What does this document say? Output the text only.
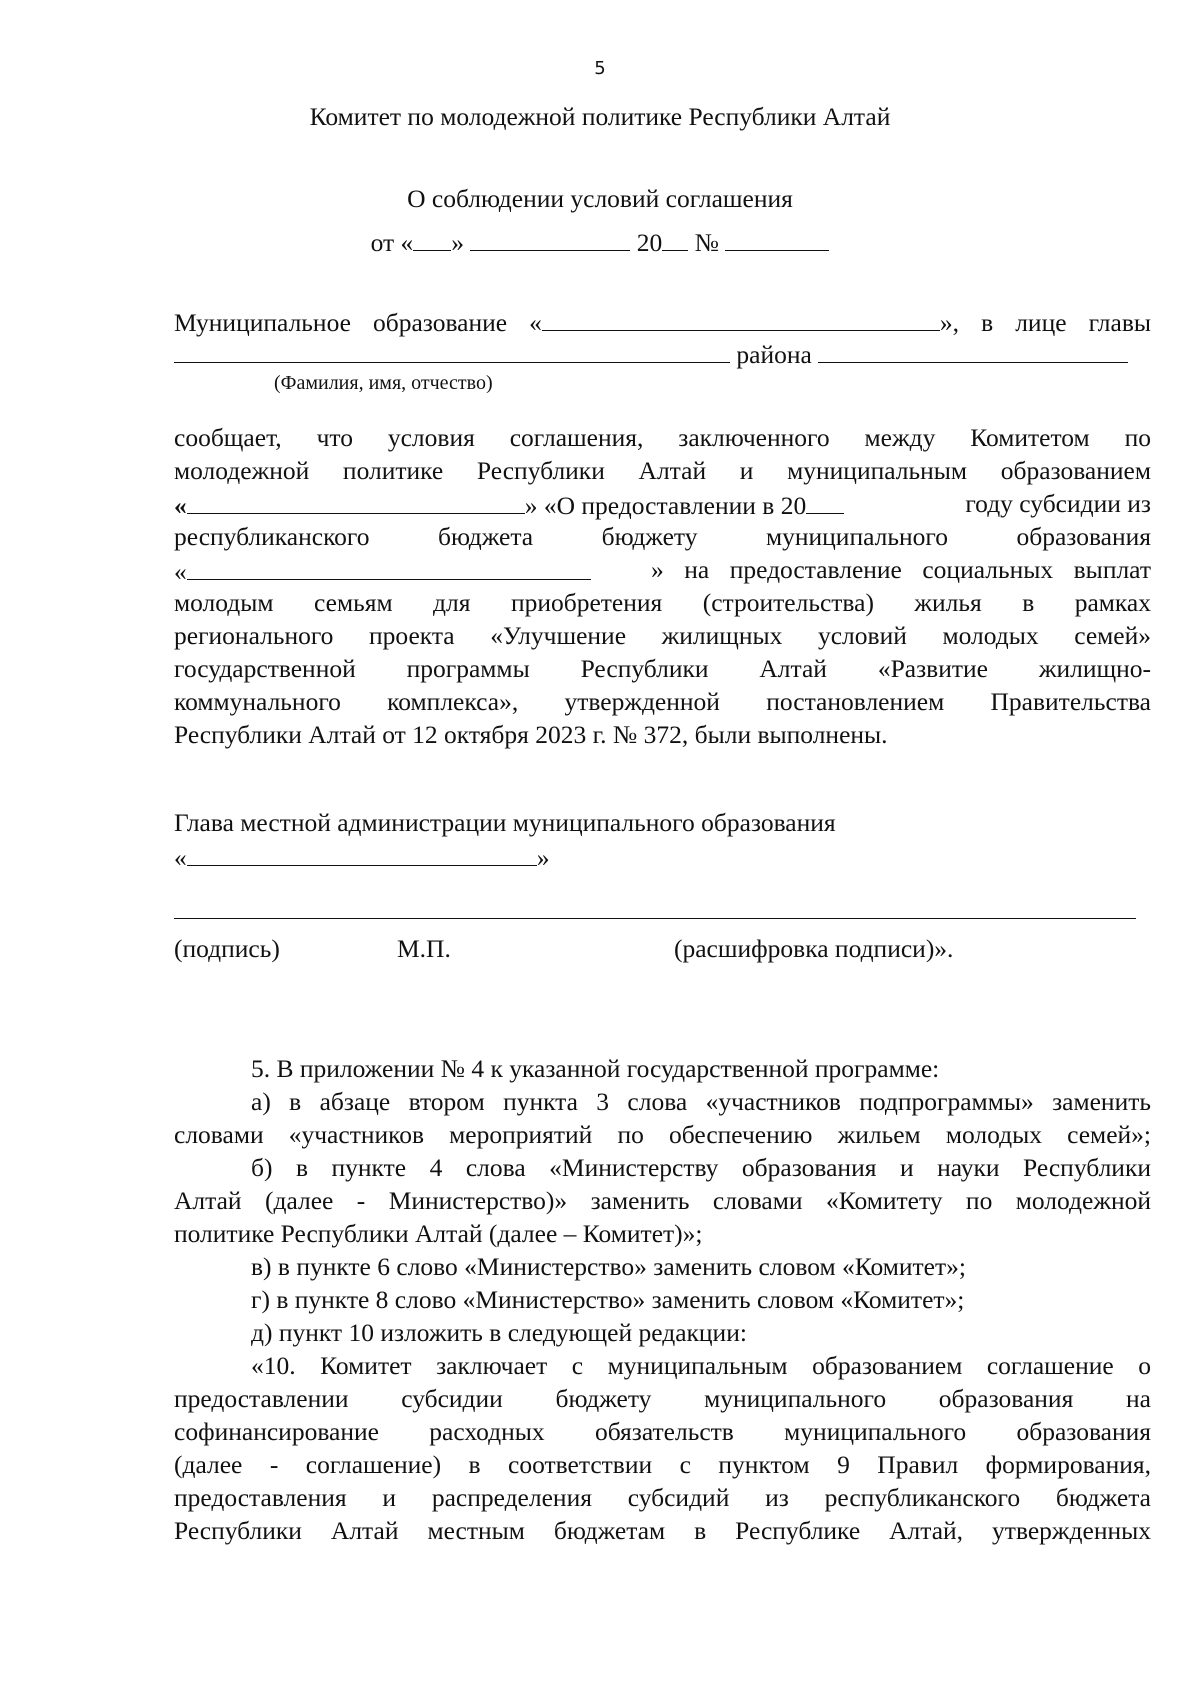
5
Комитет по молодежной политике Республики Алтай
О соблюдении условий соглашения
от « »	20 №
Муниципальное образование «	», в лице главы
района
(Фамилия, имя, отчество)
сообщает, что условия соглашения, заключенного между Комитетом по
молодежной политике Республики Алтай и муниципальным образованием
«	» «О предоставлении в 20	году субсидии из
республиканского бюджета бюджету муниципального образования
«	» на предоставление социальных выплат
молодым семьям для приобретения (строительства) жилья в рамках
регионального проекта «Улучшение жилищных условий молодых семей»
государственной программы Республики Алтай «Развитие жилищно-
коммунального комплекса», утвержденной постановлением Правительства
Республики Алтай от 12 октября 2023 г. № 372, были выполнены.
Глава местной администрации муниципального образования
«	»
(подпись)	М.П.	(расшифровка подписи)».
5. В приложении № 4 к указанной государственной программе:
а) в абзаце втором пункта 3 слова «участников подпрограммы» заменить
словами «участников мероприятий по обеспечению жильем молодых семей»;
б) в пункте 4 слова «Министерству образования и науки Республики
Алтай (далее - Министерство)» заменить словами «Комитету по молодежной
политике Республики Алтай (далее – Комитет)»;
в) в пункте 6 слово «Министерство» заменить словом «Комитет»;
г) в пункте 8 слово «Министерство» заменить словом «Комитет»;
д) пункт 10 изложить в следующей редакции:
«10. Комитет заключает с муниципальным образованием соглашение о
предоставлении субсидии бюджету муниципального образования на
софинансирование расходных обязательств муниципального образования
(далее - соглашение) в соответствии с пунктом 9 Правил формирования,
предоставления и распределения субсидий из республиканского бюджета
Республики Алтай местным бюджетам в Республике Алтай, утвержденных
